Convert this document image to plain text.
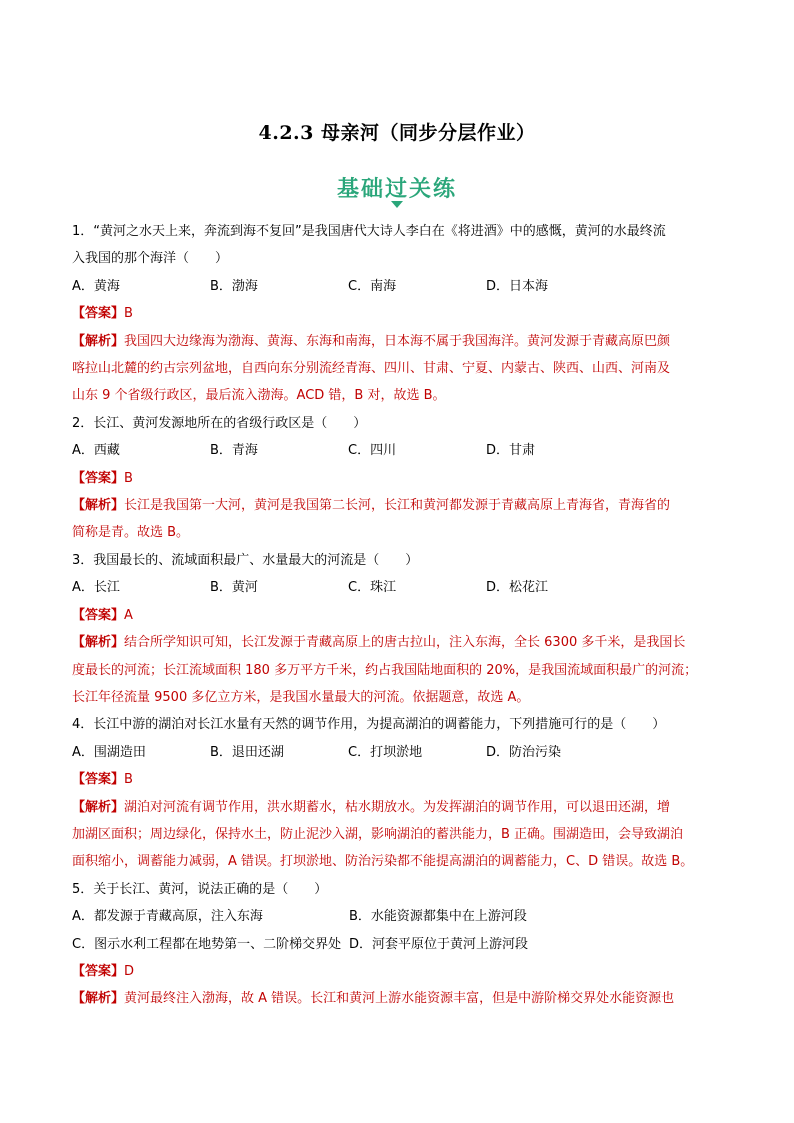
4.2.3 母亲河（同步分层作业）
基础过关练
1．“黄河之水天上来，奔流到海不复回”是我国唐代大诗人李白在《将进酒》中的感慨，黄河的水最终流
入我国的那个海洋（　　）
A．黄海	B．渤海	C．南海	D．日本海
【答案】B
【解析】我国四大边缘海为渤海、黄海、东海和南海，日本海不属于我国海洋。黄河发源于青藏高原巴颜
喀拉山北麓的约古宗列盆地，自西向东分别流经青海、四川、甘肃、宁夏、内蒙古、陕西、山西、河南及
山东 9 个省级行政区，最后流入渤海。ACD 错，B 对，故选 B。
2．长江、黄河发源地所在的省级行政区是（　　）
A．西藏	B．青海	C．四川	D．甘肃
【答案】B
【解析】长江是我国第一大河，黄河是我国第二长河，长江和黄河都发源于青藏高原上青海省，青海省的
简称是青。故选 B。
3．我国最长的、流域面积最广、水量最大的河流是（　　）
A．长江	B．黄河	C．珠江	D．松花江
【答案】A
【解析】结合所学知识可知，长江发源于青藏高原上的唐古拉山，注入东海，全长 6300 多千米，是我国长
度最长的河流；长江流域面积 180 多万平方千米，约占我国陆地面积的 20%，是我国流域面积最广的河流；
长江年径流量 9500 多亿立方米，是我国水量最大的河流。依据题意，故选 A。
4．长江中游的湖泊对长江水量有天然的调节作用，为提高湖泊的调蓄能力，下列措施可行的是（　　）
A．围湖造田	B．退田还湖	C．打坝淤地	D．防治污染
【答案】B
【解析】湖泊对河流有调节作用，洪水期蓄水，枯水期放水。为发挥湖泊的调节作用，可以退田还湖，增
加湖区面积；周边绿化，保持水土，防止泥沙入湖，影响湖泊的蓄洪能力，B 正确。围湖造田，会导致湖泊
面积缩小，调蓄能力减弱，A 错误。打坝淤地、防治污染都不能提高湖泊的调蓄能力，C、D 错误。故选 B。
5．关于长江、黄河，说法正确的是（　　）
A．都发源于青藏高原，注入东海	B．水能资源都集中在上游河段
C．图示水利工程都在地势第一、二阶梯交界处 D．河套平原位于黄河上游河段
【答案】D
【解析】黄河最终注入渤海，故 A 错误。长江和黄河上游水能资源丰富，但是中游阶梯交界处水能资源也
